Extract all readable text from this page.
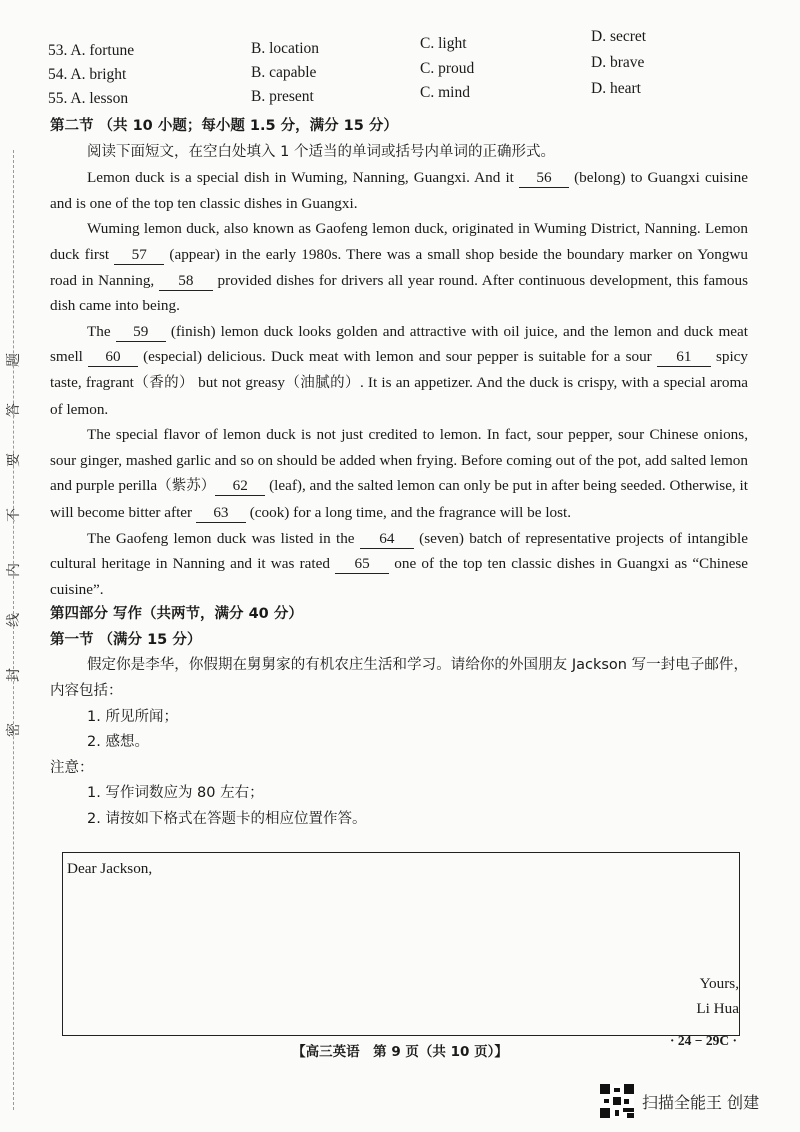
题
答
要
不
内
线
封
密
53. A. fortune	B. location	C. light	D. secret
54. A. bright	B. capable	C. proud	D. brave
55. A. lesson	B. present	C. mind	D. heart

第二节 （共 10 小题；每小题 1.5 分，满分 15 分）

阅读下面短文，在空白处填入 1 个适当的单词或括号内单词的正确形式。

Lemon duck is a special dish in Wuming, Nanning, Guangxi. And it 56 (belong) to Guangxi cuisine and is one of the top ten classic dishes in Guangxi.

Wuming lemon duck, also known as Gaofeng lemon duck, originated in Wuming District, Nanning. Lemon duck first 57 (appear) in the early 1980s. There was a small shop beside the boundary marker on Yongwu road in Nanning, 58 provided dishes for drivers all year round. After continuous development, this famous dish came into being.

The 59 (finish) lemon duck looks golden and attractive with oil juice, and the lemon and duck meat smell 60 (especial) delicious. Duck meat with lemon and sour pepper is suitable for a sour 61 spicy taste, fragrant（香的） but not greasy（油腻的）. It is an appetizer. And the duck is crispy, with a special aroma of lemon.

The special flavor of lemon duck is not just credited to lemon. In fact, sour pepper, sour Chinese onions, sour ginger, mashed garlic and so on should be added when frying. Before coming out of the pot, add salted lemon and purple perilla（紫苏） 62 (leaf), and the salted lemon can only be put in after being seeded. Otherwise, it will become bitter after 63 (cook) for a long time, and the fragrance will be lost.

The Gaofeng lemon duck was listed in the 64 (seven) batch of representative projects of intangible cultural heritage in Nanning and it was rated 65 one of the top ten classic dishes in Guangxi as “Chinese cuisine”.

第四部分 写作（共两节，满分 40 分）

第一节 （满分 15 分）

假定你是李华，你假期在舅舅家的有机农庄生活和学习。请给你的外国朋友 Jackson 写一封电子邮件，内容包括：

1. 所见所闻；

2. 感想。

注意：

1. 写作词数应为 80 左右；

2. 请按如下格式在答题卡的相应位置作答。

Dear Jackson,
Yours,
Li Hua
【高三英语　第 9 页（共 10 页）】
· 24 − 29C ·
扫描全能王 创建
